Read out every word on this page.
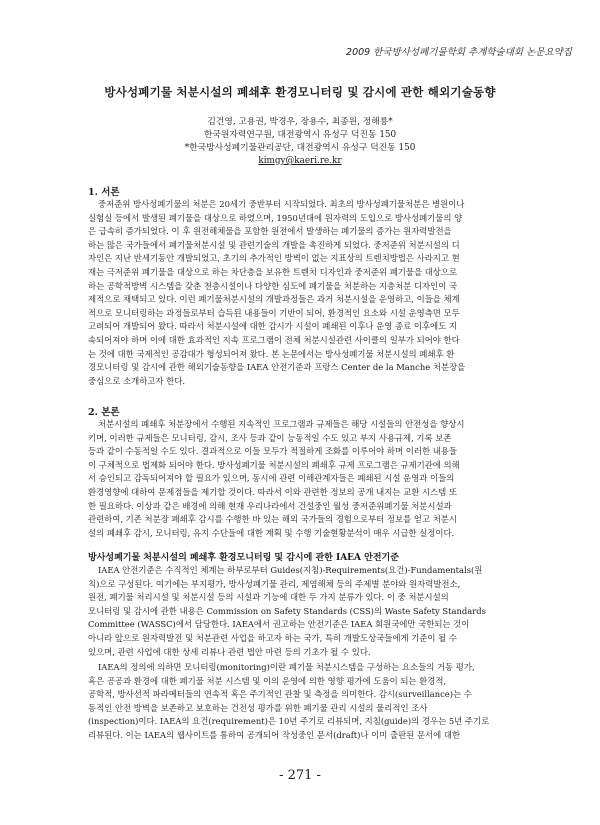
2009 한국방사성폐기물학회 추계학술대회 논문요약집
방사성폐기물 처분시설의 폐쇄후 환경모니터링 및 감시에 관한 해외기술동향
김건영, 고용권, 박경우, 장용수, 최종원, 정해룡*
한국원자력연구원, 대전광역시 유성구 덕진동 150
*한국방사성폐기물관리공단, 대전광역시 유성구 덕진동 150
kimgy@kaeri.re.kr
1. 서론
중저준위 방사성폐기물의 처분은 20세기 중반부터 시작되었다. 최초의 방사성폐기물처분은 병원이나
실험실 등에서 발생된 폐기물을 대상으로 하였으며, 1950년대에 원자력의 도입으로 방사성폐기물의 양
은 급속히 증가되었다. 이 후 원전해체물을 포함한 원전에서 발생하는 폐기물의 증가는 원자력발전을
하는 많은 국가들에서 폐기물처분시설 및 관련기술의 개발을 촉진하게 되었다. 중저준위 처분시설의 디
자인은 지난 반세기동안 개발되었고, 초기의 추가적인 방벽이 없는 지표상의 트렌치방법은 사라지고 현
재는 극저준위 폐기물을 대상으로 하는 차단층을 보유한 트렌치 디자인과 중저준위 폐기물을 대상으로
하는 공학적방벽 시스템을 갖춘 천층시설이나 다양한 심도에 폐기물을 처분하는 지층처분 디자인이 국
제적으로 채택되고 있다. 이런 폐기물처분시설의 개발과정들은 과거 처분시설을 운영하고, 이들을 체계
적으로 모니터링하는 과정들로부터 습득된 내용들이 기반이 되어, 환경적인 요소와 시설 운영측면 모두
고려되어 개발되어 왔다. 따라서 처분시설에 대한 감시가 시설이 폐쇄된 이후나 운영 종료 이후에도 지
속되어져야 하며 이에 대한 효과적인 지속 프로그램이 전체 처분시설관련 사이클의 일부가 되어야 한다
는 것에 대한 국제적인 공감대가 형성되어져 왔다. 본 논문에서는 방사성폐기물 처분시설의 폐쇄후 환
경모니터링 및 감시에 관한 해외기술동향을 IAEA 안전기준과 프랑스 Center de la Manche 처분장을
중심으로 소개하고자 한다.
2. 본론
처분시설의 폐쇄후 처분장에서 수행된 지속적인 프로그램과 규제들은 해당 시설들의 안전성을 향상시
키며, 이러한 규제들은 모니터링, 감시, 조사 등과 같이 능동적일 수도 있고 부지 사용규제, 기록 보존
등과 같이 수동적일 수도 있다. 결과적으로 이들 모두가 적절하게 조화를 이루어야 하며 이러한 내용들
이 구체적으로 법제화 되어야 한다. 방사성폐기물 처분시설의 폐쇄후 규제 프로그램은 규제기관에 의해
서 승인되고 감독되어져야 할 필요가 있으며, 동시에 관련 이해관계자들은 폐쇄된 시설 운영과 이들의
환경영향에 대하여 문제점들을 제기할 것이다. 따라서 이와 관련한 정보의 공개 내지는 교환 시스템 또
한 필요하다. 이상과 같은 배경에 의해 현재 우리나라에서 건설중인 월성 중저준위폐기물 처분시설과
관련하여, 기존 처분장 폐쇄후 감시를 수행한 바 있는 해외 국가들의 경험으로부터 정보를 얻고 처분시
설의 폐쇄후 감시, 모니터링, 유지 수단들에 대한 계획 및 수행 기술현황분석이 매우 시급한 실정이다.
방사성폐기물 처분시설의 폐쇄후 환경모니터링 및 감시에 관한 IAEA 안전기준
IAEA 안전기준은 수직적인 체계는 하부로부터 Guides(지침)-Requirements(요건)-Fundamentals(원
칙)으로 구성된다. 여기에는 부지평가, 방사성폐기물 관리, 제염해체 등의 주제별 분야와 원자력발전소,
원전, 폐기물 처리시설 및 처분시설 등의 시설과 기능에 대한 두 가지 분류가 있다. 이 중 처분시설의
모니터링 및 감시에 관한 내용은 Commission on Safety Standards (CSS)의 Waste Safety Standards
Committee (WASSC)에서 담당한다. IAEA에서 권고하는 안전기준은 IAEA 회원국에만 국한되는 것이
아니라 앞으로 원자력발전 및 처분관련 사업을 하고자 하는 국가, 특히 개발도상국들에게 기준이 될 수
있으며, 관련 사업에 대한 상세 리뷰나 관련 법안 마련 등의 기초가 될 수 있다.
IAEA의 정의에 의하면 모니터링(monitoring)이란 폐기물 처분시스템을 구성하는 요소들의 거동 평가,
혹은 공공과 환경에 대한 폐기물 처분 시스템 및 이의 운영에 의한 영향 평가에 도움이 되는 환경적,
공학적, 방사선적 파라메터들의 연속적 혹은 주기적인 관찰 및 측정을 의미한다. 감시(surveillance)는 수
동적인 안전 방벽을 보존하고 보호하는 건전성 평가를 위한 폐기물 관리 시설의 물리적인 조사
(inspection)이다. IAEA의 요건(requirement)은 10년 주기로 리뷰되며, 지침(guide)의 경우는 5년 주기로
리뷰된다. 이는 IAEA의 웹사이트를 통하여 공개되어 작성중인 문서(draft)나 이미 출판된 문서에 대한
- 271 -
